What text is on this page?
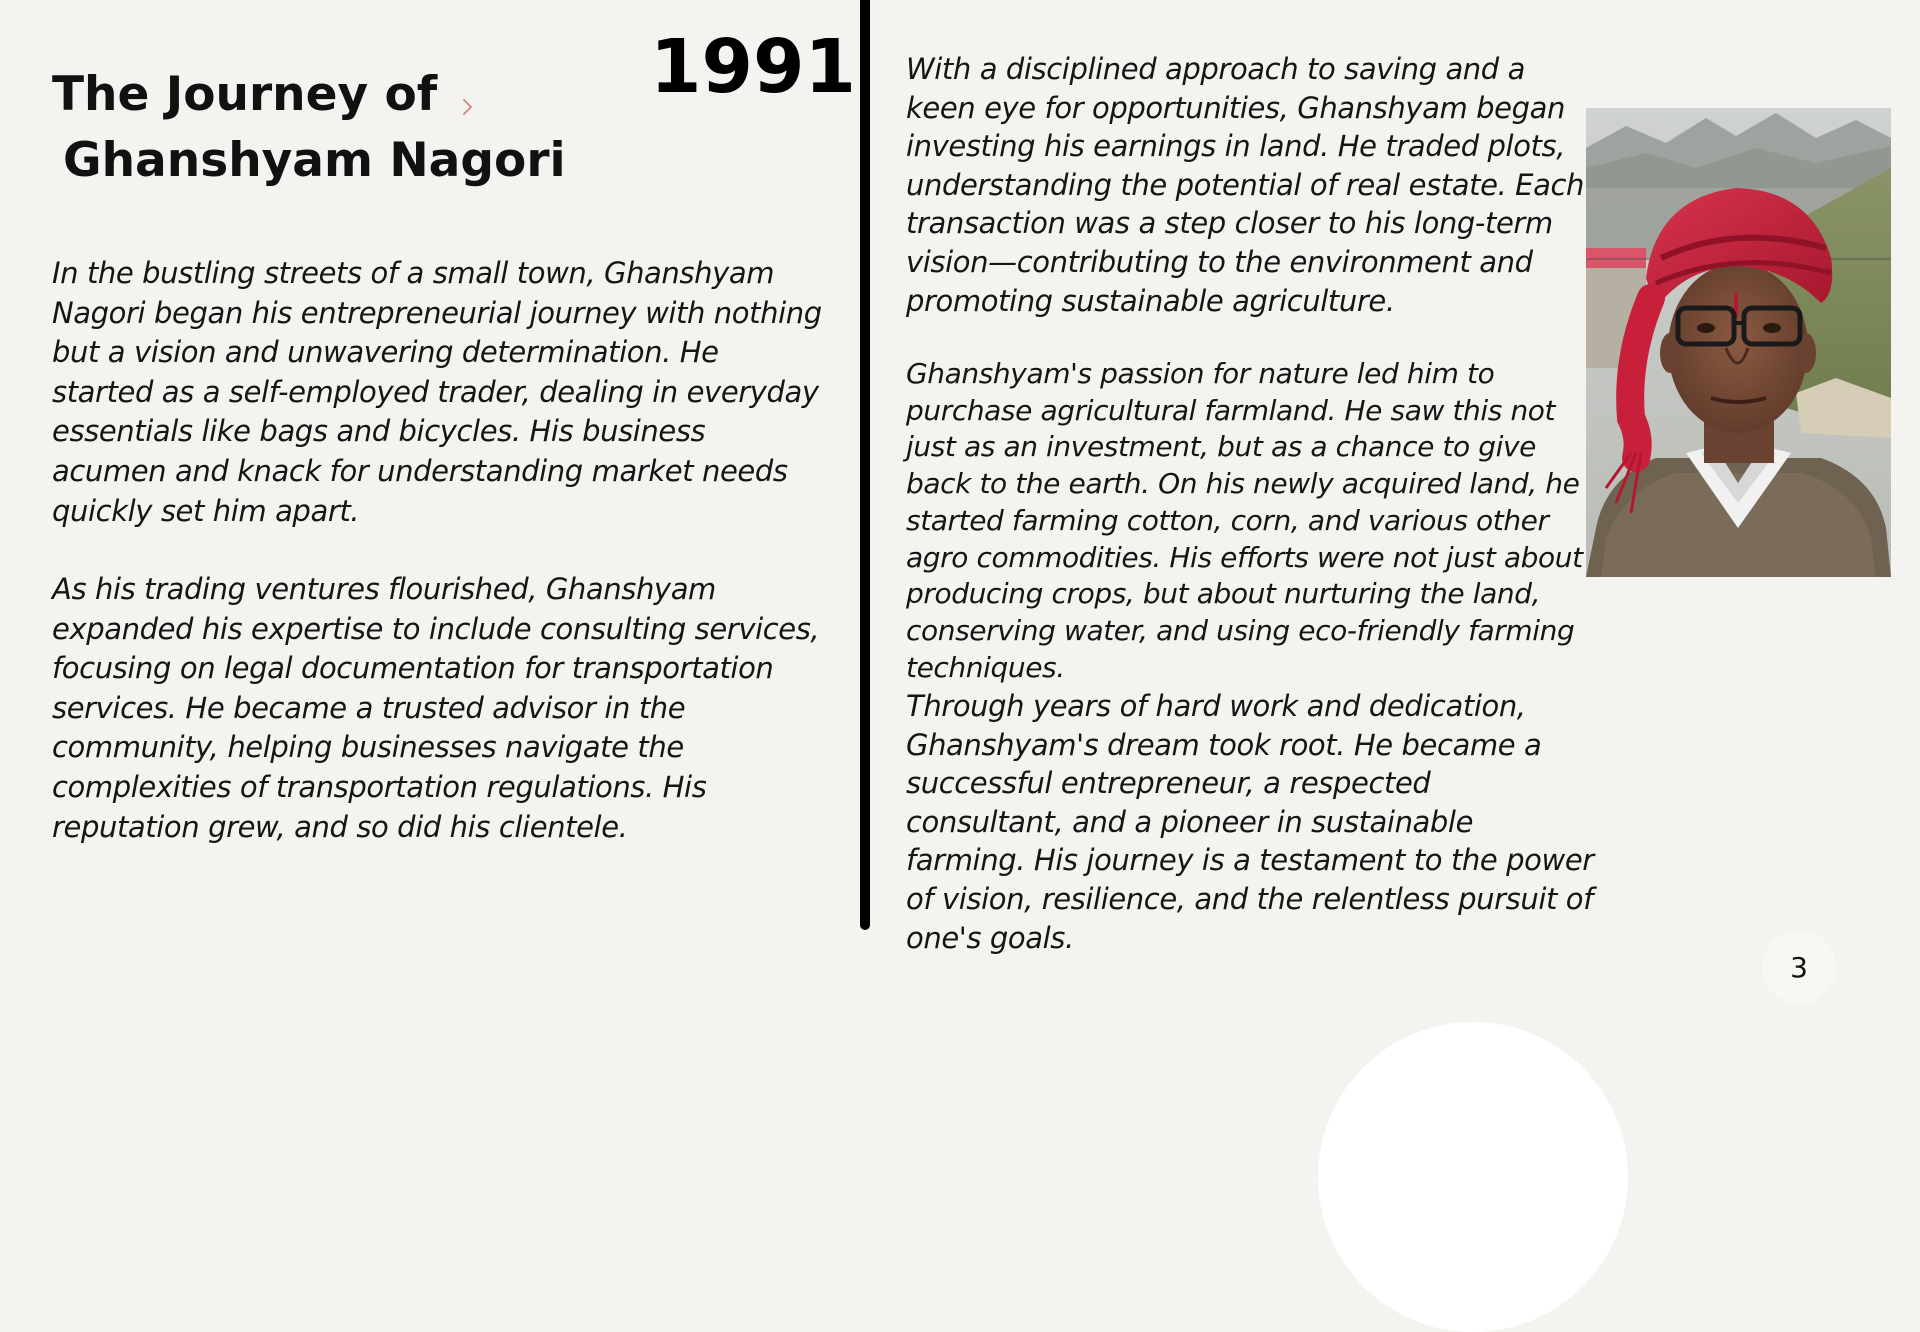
The Journey of
Ghanshyam Nagori
1991

In the bustling streets of a small town, Ghanshyam Nagori began his entrepreneurial journey with nothing but a vision and unwavering determination. He started as a self-employed trader, dealing in everyday essentials like bags and bicycles. His business acumen and knack for understanding market needs quickly set him apart.

As his trading ventures flourished, Ghanshyam expanded his expertise to include consulting services, focusing on legal documentation for transportation services. He became a trusted advisor in the community, helping businesses navigate the complexities of transportation regulations. His reputation grew, and so did his clientele.

With a disciplined approach to saving and a keen eye for opportunities, Ghanshyam began investing his earnings in land. He traded plots, understanding the potential of real estate. Each transaction was a step closer to his long-term vision—contributing to the environment and promoting sustainable agriculture.

Ghanshyam's passion for nature led him to purchase agricultural farmland. He saw this not just as an investment, but as a chance to give back to the earth. On his newly acquired land, he started farming cotton, corn, and various other agro commodities. His efforts were not just about producing crops, but about nurturing the land, conserving water, and using eco-friendly farming techniques.

Through years of hard work and dedication, Ghanshyam's dream took root. He became a successful entrepreneur, a respected consultant, and a pioneer in sustainable farming. His journey is a testament to the power of vision, resilience, and the relentless pursuit of one's goals.

3
